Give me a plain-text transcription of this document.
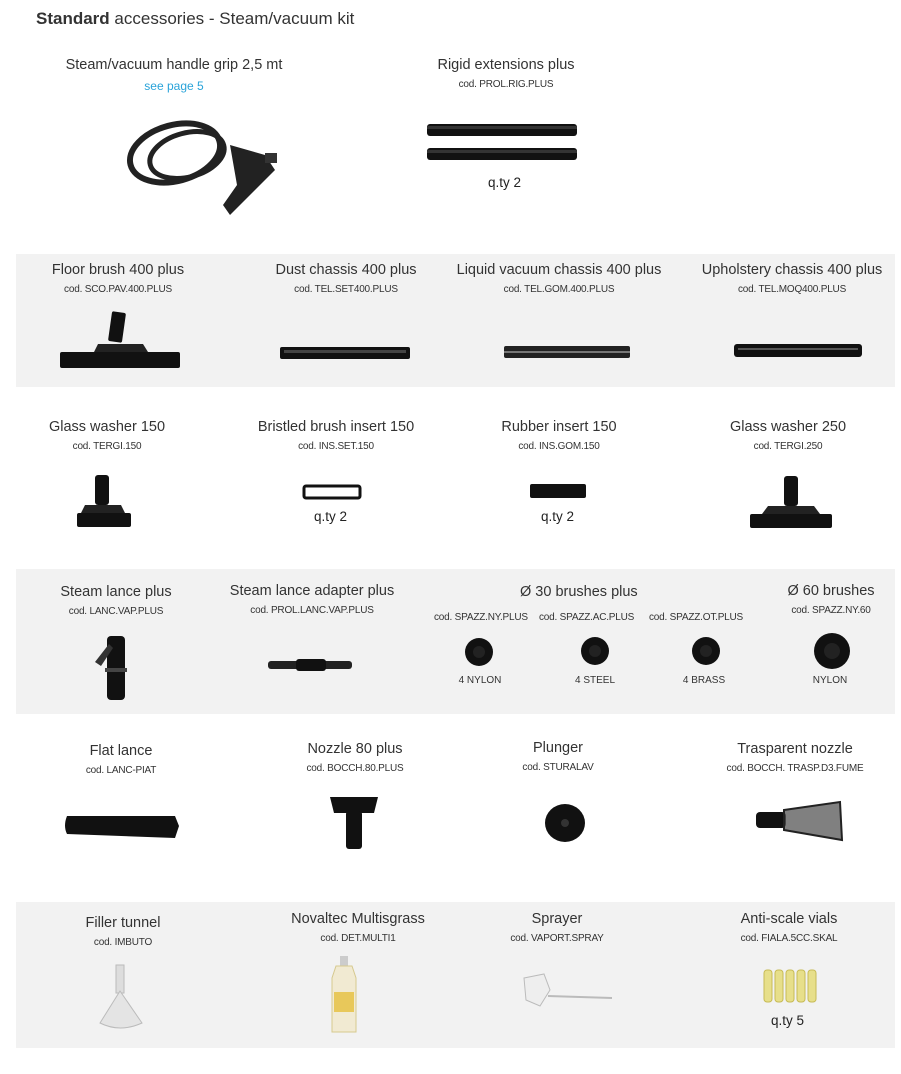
Standard accessories - Steam/vacuum kit
Steam/vacuum handle grip 2,5 mt
see page 5
Rigid extensions plus
cod. PROL.RIG.PLUS
q.ty 2
Floor brush 400 plus
cod. SCO.PAV.400.PLUS
Dust chassis 400 plus
cod. TEL.SET400.PLUS
Liquid vacuum chassis 400 plus
cod. TEL.GOM.400.PLUS
Upholstery chassis 400 plus
cod. TEL.MOQ400.PLUS
Glass washer 150
cod. TERGI.150
Bristled brush insert 150
cod. INS.SET.150
q.ty 2
Rubber insert 150
cod. INS.GOM.150
q.ty 2
Glass washer 250
cod. TERGI.250
Steam lance plus
cod. LANC.VAP.PLUS
Steam lance adapter plus
cod. PROL.LANC.VAP.PLUS
Ø 30 brushes plus
cod. SPAZZ.NY.PLUS cod. SPAZZ.AC.PLUS cod. SPAZZ.OT.PLUS
4 NYLON	4 STEEL	4 BRASS
Ø 60 brushes
cod. SPAZZ.NY.60
NYLON
Flat lance
cod. LANC-PIAT
Nozzle 80 plus
cod. BOCCH.80.PLUS
Plunger
cod. STURALAV
Trasparent nozzle
cod. BOCCH. TRASP.D3.FUME
Filler tunnel
cod. IMBUTO
Novaltec Multisgrass
cod. DET.MULTI1
Sprayer
cod. VAPORT.SPRAY
Anti-scale vials
cod. FIALA.5CC.SKAL
q.ty 5
